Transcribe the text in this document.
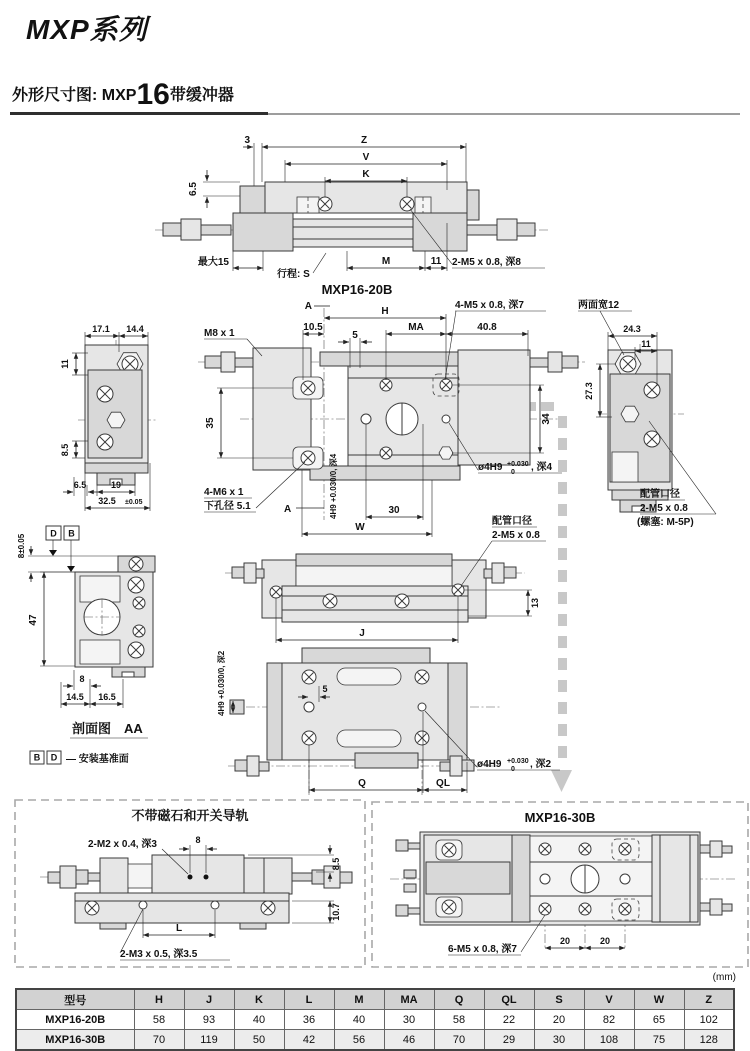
MXP系列
外形尺寸图: MXP16带缓冲器
Z
3
V
K
6.5
最大15	M	11
行程: S
2-M5 x 0.8, 深8
MXP16-20B
A	H
10.5	MA
5
40.8
4-M5 x 0.8, 深7
M8 x 1
35	34
ø4H9 +0.030
0 , 深4
4-M6 x 1
下孔径 5.1	A	4H9 +0.030/0, 深4	30
W
17.1 14.4
11
8.5
6.5	19
32.5 ±0.05
两面宽12
24.3
11
27.3
配管口径
2-M5 x 0.8
(螺塞: M-5P)
8±0.05
D B
47
8
14.5 16.5
剖面图 AA
B D — 安装基准面
配管口径
2-M5 x 0.8
J
13
4H9 +0.030/0, 深2	5
Q	QL
ø4H9 +0.030
0 , 深2
不带磁石和开关导轨
8
2-M2 x 0.4, 深3
8.5
10.7
L
2-M3 x 0.5, 深3.5
MXP16-30B
20	20
6-M5 x 0.8, 深7
(mm)
型号	H	J	K	L	M	MA	Q	QL	S	V	W	Z
MXP16-20B	58	93	40	36	40	30	58	22	20	82	65	102
MXP16-30B	70	119	50	42	56	46	70	29	30	108	75	128
